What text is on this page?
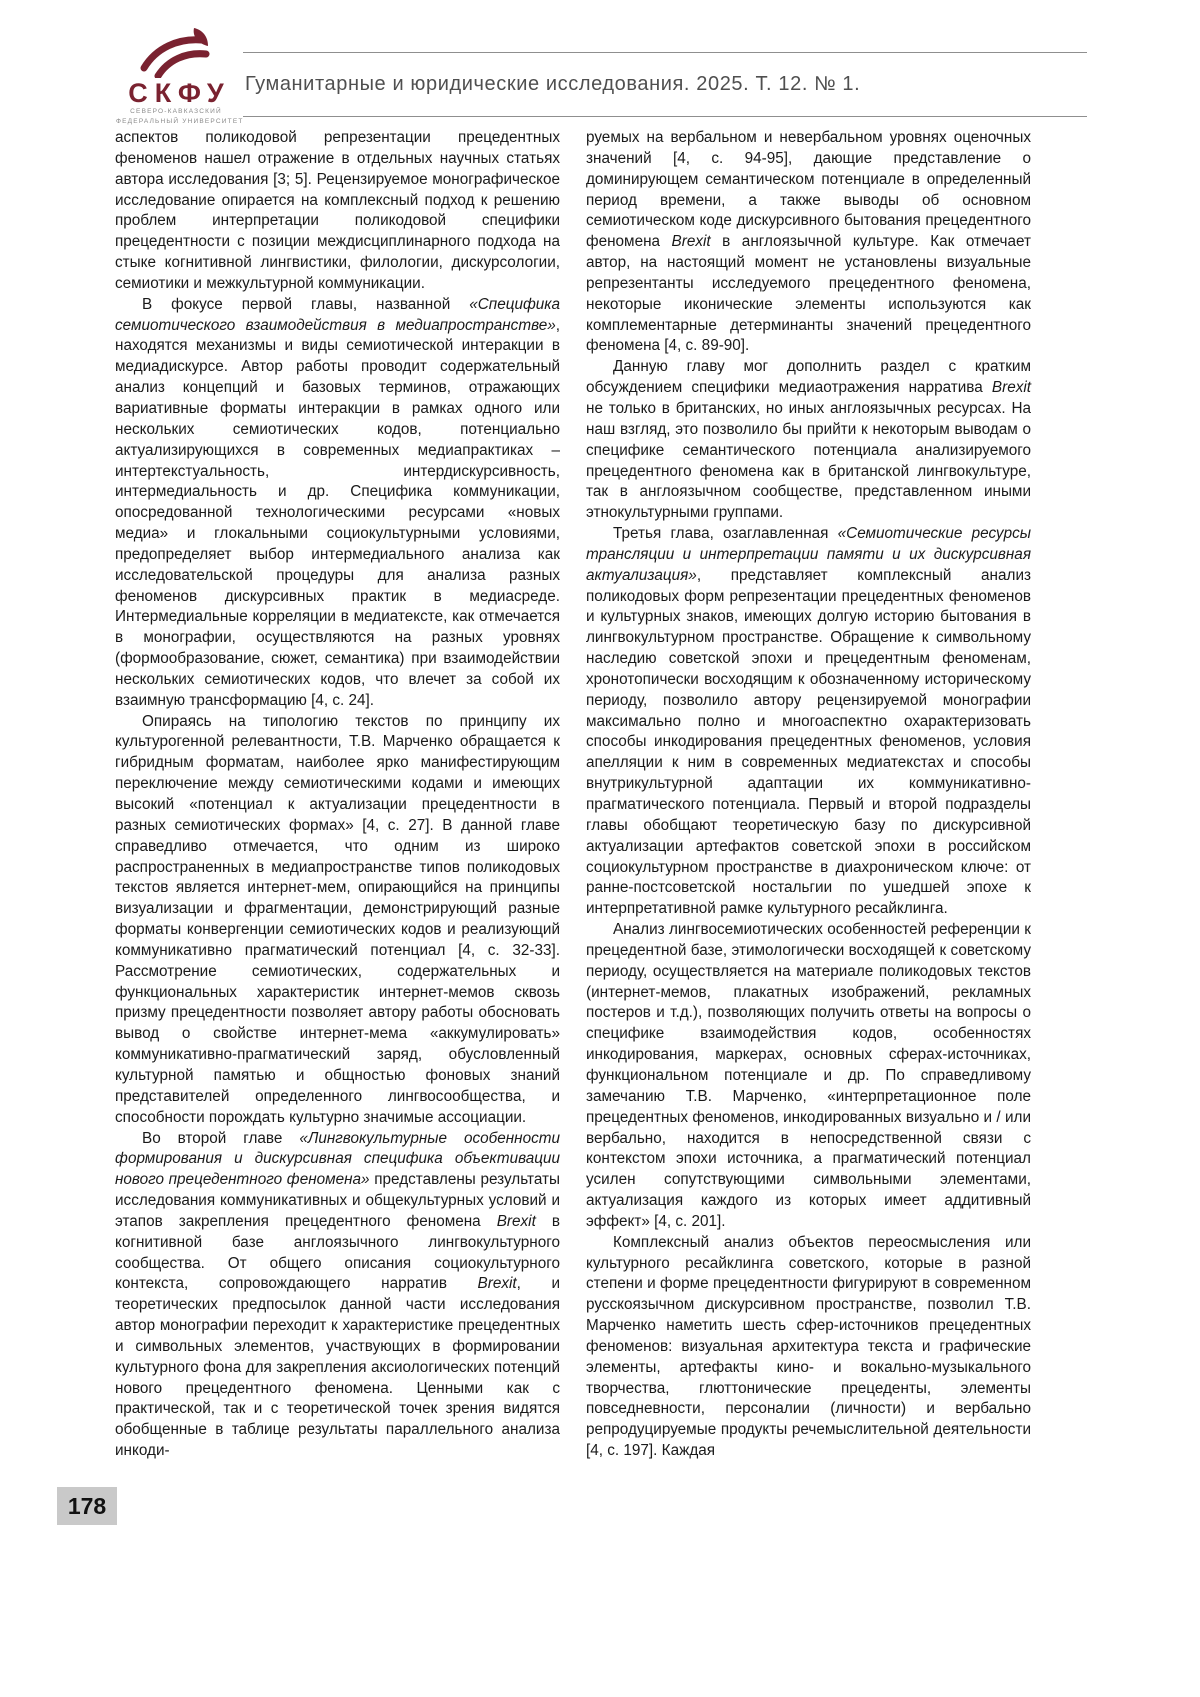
СКФУ
СЕВЕРО-КАВКАЗСКИЙ
ФЕДЕРАЛЬНЫЙ УНИВЕРСИТЕТ
Гуманитарные и юридические исследования. 2025. Т. 12. № 1.

аспектов поликодовой репрезентации прецедентных феноменов нашел отражение в отдельных научных статьях автора исследования [3; 5]. Рецензируемое монографическое исследование опирается на комплексный подход к решению проблем интерпретации поликодовой специфики прецедентности с позиции междисциплинарного подхода на стыке когнитивной лингвистики, филологии, дискурсологии, семиотики и межкультурной коммуникации.

В фокусе первой главы, названной «Специфика семиотического взаимодействия в медиапространстве», находятся механизмы и виды семиотической интеракции в медиадискурсе. Автор работы проводит содержательный анализ концепций и базовых терминов, отражающих вариативные форматы интеракции в рамках одного или нескольких семиотических кодов, потенциально актуализирующихся в современных медиапрактиках – интертекстуальность, интердискурсивность, интермедиальность и др. Специфика коммуникации, опосредованной технологическими ресурсами «новых медиа» и глокальными социокультурными условиями, предопределяет выбор интермедиального анализа как исследовательской процедуры для анализа разных феноменов дискурсивных практик в медиасреде. Интермедиальные корреляции в медиатексте, как отмечается в монографии, осуществляются на разных уровнях (формообразование, сюжет, семантика) при взаимодействии нескольких семиотических кодов, что влечет за собой их взаимную трансформацию [4, с. 24].

Опираясь на типологию текстов по принципу их культурогенной релевантности, Т.В. Марченко обращается к гибридным форматам, наиболее ярко манифестирующим переключение между семиотическими кодами и имеющих высокий «потенциал к актуализации прецедентности в разных семиотических формах» [4, с. 27]. В данной главе справедливо отмечается, что одним из широко распространенных в медиапространстве типов поликодовых текстов является интернет-мем, опирающийся на принципы визуализации и фрагментации, демонстрирующий разные форматы конвергенции семиотических кодов и реализующий коммуникативно прагматический потенциал [4, с. 32-33]. Рассмотрение семиотических, содержательных и функциональных характеристик интернет-мемов сквозь призму прецедентности позволяет автору работы обосновать вывод о свойстве интернет-мема «аккумулировать» коммуникативно-прагматический заряд, обусловленный культурной памятью и общностью фоновых знаний представителей определенного лингвосообщества, и способности порождать культурно значимые ассоциации.

Во второй главе «Лингвокультурные особенности формирования и дискурсивная специфика объективации нового прецедентного феномена» представлены результаты исследования коммуникативных и общекультурных условий и этапов закрепления прецедентного феномена Brexit в когнитивной базе англоязычного лингвокультурного сообщества. От общего описания социокультурного контекста, сопровождающего нарратив Brexit, и теоретических предпосылок данной части исследования автор монографии переходит к характеристике прецедентных и символьных элементов, участвующих в формировании культурного фона для закрепления аксиологических потенций нового прецедентного феномена. Ценными как с практической, так и с теоретической точек зрения видятся обобщенные в таблице результаты параллельного анализа инкоди-

руемых на вербальном и невербальном уровнях оценочных значений [4, с. 94-95], дающие представление о доминирующем семантическом потенциале в определенный период времени, а также выводы об основном семиотическом коде дискурсивного бытования прецедентного феномена Brexit в англоязычной культуре. Как отмечает автор, на настоящий момент не установлены визуальные репрезентанты исследуемого прецедентного феномена, некоторые иконические элементы используются как комплементарные детерминанты значений прецедентного феномена [4, с. 89-90].

Данную главу мог дополнить раздел с кратким обсуждением специфики медиаотражения нарратива Brexit не только в британских, но иных англоязычных ресурсах. На наш взгляд, это позволило бы прийти к некоторым выводам о специфике семантического потенциала анализируемого прецедентного феномена как в британской лингвокультуре, так в англоязычном сообществе, представленном иными этнокультурными группами.

Третья глава, озаглавленная «Семиотические ресурсы трансляции и интерпретации памяти и их дискурсивная актуализация», представляет комплексный анализ поликодовых форм репрезентации прецедентных феноменов и культурных знаков, имеющих долгую историю бытования в лингвокультурном пространстве. Обращение к символьному наследию советской эпохи и прецедентным феноменам, хронотопически восходящим к обозначенному историческому периоду, позволило автору рецензируемой монографии максимально полно и многоаспектно охарактеризовать способы инкодирования прецедентных феноменов, условия апелляции к ним в современных медиатекстах и способы внутрикультурной адаптации их коммуникативно-прагматического потенциала. Первый и второй подразделы главы обобщают теоретическую базу по дискурсивной актуализации артефактов советской эпохи в российском социокультурном пространстве в диахроническом ключе: от ранне-постсоветской ностальгии по ушедшей эпохе к интерпретативной рамке культурного ресайклинга.

Анализ лингвосемиотических особенностей референции к прецедентной базе, этимологически восходящей к советскому периоду, осуществляется на материале поликодовых текстов (интернет-мемов, плакатных изображений, рекламных постеров и т.д.), позволяющих получить ответы на вопросы о специфике взаимодействия кодов, особенностях инкодирования, маркерах, основных сферах-источниках, функциональном потенциале и др. По справедливому замечанию Т.В. Марченко, «интерпретационное поле прецедентных феноменов, инкодированных визуально и / или вербально, находится в непосредственной связи с контекстом эпохи источника, а прагматический потенциал усилен сопутствующими символьными элементами, актуализация каждого из которых имеет аддитивный эффект» [4, с. 201].

Комплексный анализ объектов переосмысления или культурного ресайклинга советского, которые в разной степени и форме прецедентности фигурируют в современном русскоязычном дискурсивном пространстве, позволил Т.В. Марченко наметить шесть сфер-источников прецедентных феноменов: визуальная архитектура текста и графические элементы, артефакты кино- и вокально-музыкального творчества, глюттонические прецеденты, элементы повседневности, персоналии (личности) и вербально репродуцируемые продукты речемыслительной деятельности [4, с. 197]. Каждая

178
